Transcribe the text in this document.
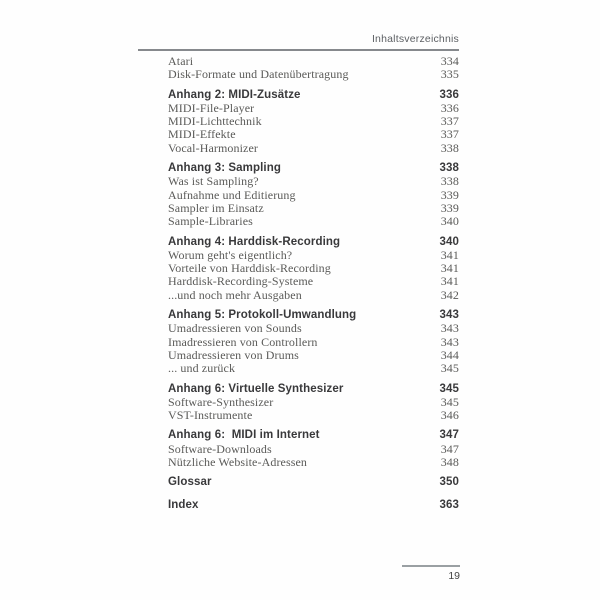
Inhaltsverzeichnis
Atari	334
Disk-Formate und Datenübertragung	335
Anhang 2: MIDI-Zusätze	336
MIDI-File-Player	336
MIDI-Lichttechnik	337
MIDI-Effekte	337
Vocal-Harmonizer	338
Anhang 3: Sampling	338
Was ist Sampling?	338
Aufnahme und Editierung	339
Sampler im Einsatz	339
Sample-Libraries	340
Anhang 4: Harddisk-Recording	340
Worum geht's eigentlich?	341
Vorteile von Harddisk-Recording	341
Harddisk-Recording-Systeme	341
...und noch mehr Ausgaben	342
Anhang 5: Protokoll-Umwandlung	343
Umadressieren von Sounds	343
Imadressieren von Controllern	343
Umadressieren von Drums	344
... und zurück	345
Anhang 6: Virtuelle Synthesizer	345
Software-Synthesizer	345
VST-Instrumente	346
Anhang 6:  MIDI im Internet	347
Software-Downloads	347
Nützliche Website-Adressen	348
Glossar	350
Index	363
19
